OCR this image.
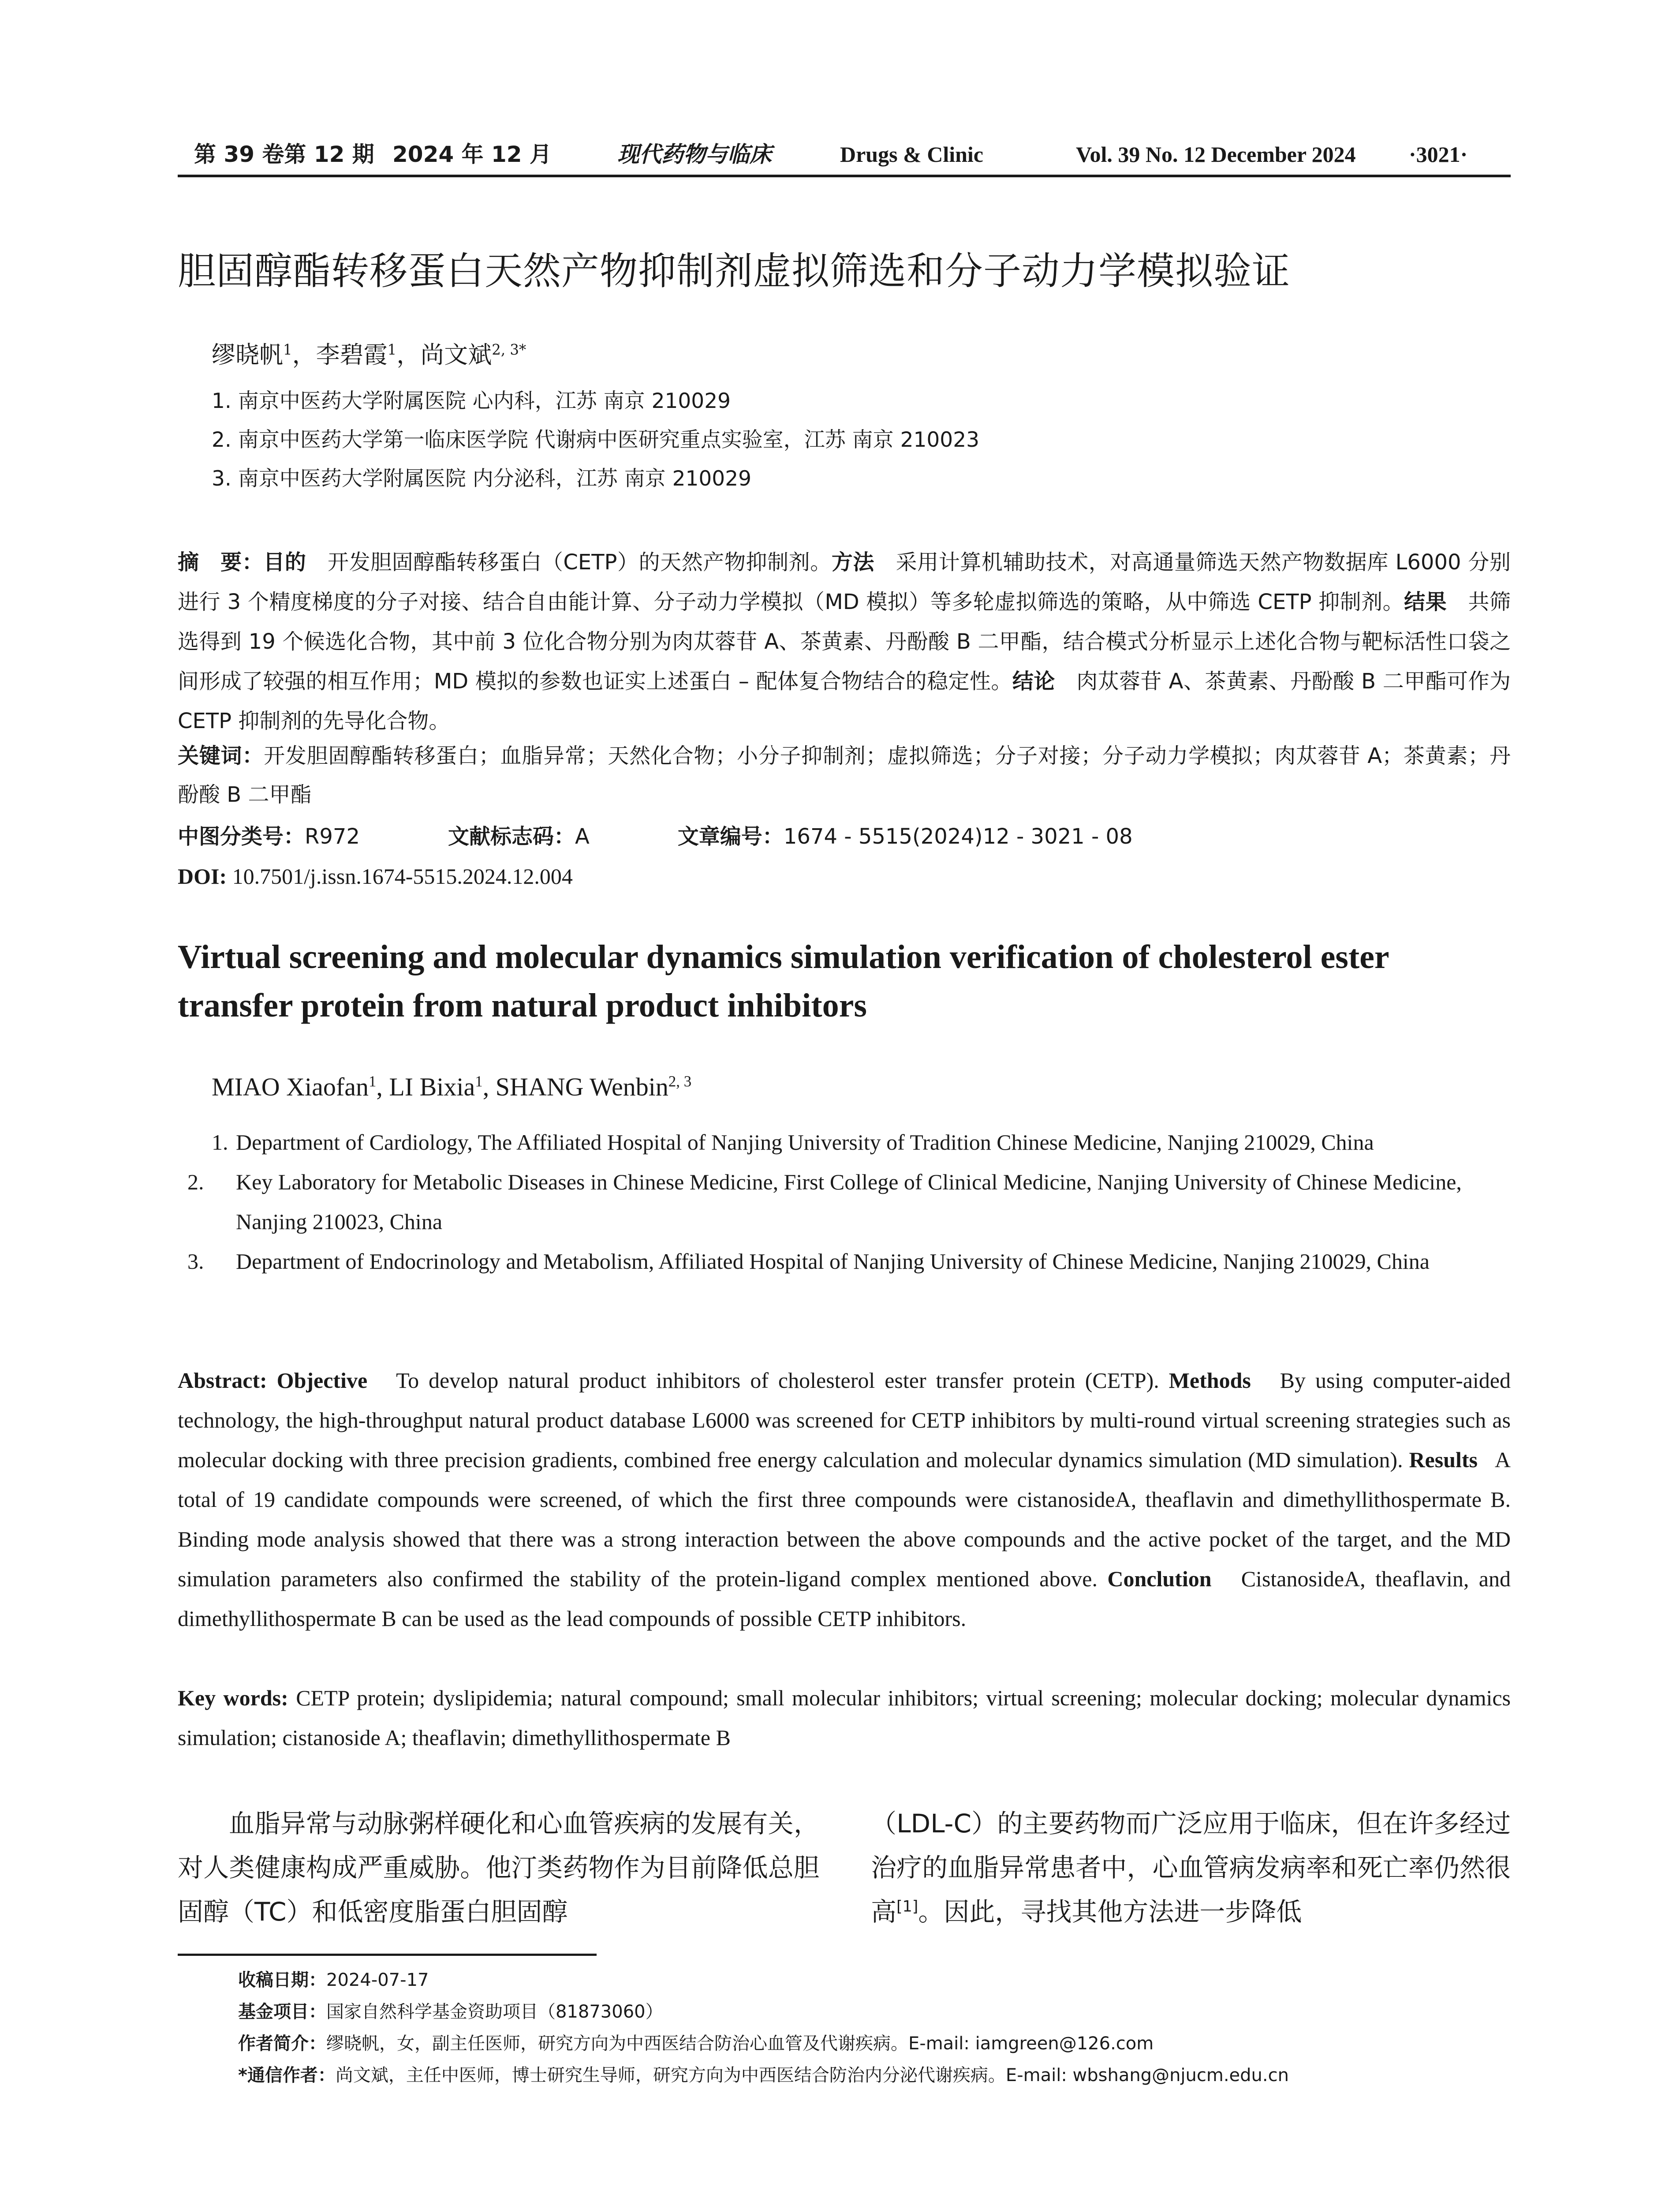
第 39 卷第 12 期 2024 年 12 月	现代药物与临床	Drugs & Clinic	Vol. 39 No. 12 December 2024 ·3021·
胆固醇酯转移蛋白天然产物抑制剂虚拟筛选和分子动力学模拟验证
缪晓帆$^1$，李碧霞$^1$，尚文斌$^{2, 3*}$
1. 南京中医药大学附属医院 心内科，江苏 南京 210029
2. 南京中医药大学第一临床医学院 代谢病中医研究重点实验室，江苏 南京 210023
3. 南京中医药大学附属医院 内分泌科，江苏 南京 210029
摘　要：目的　 开发胆固醇酯转移蛋白（CETP）的天然产物抑制剂。方法　 采用计算机辅助技术，对高通量筛选天然产物数据库 L6000 分别进行 3 个精度梯度的分子对接、结合自由能计算、分子动力学模拟（MD 模拟）等多轮虚拟筛选的策略，从中筛选 CETP 抑制剂。结果　 共筛选得到 19 个候选化合物，其中前 3 位化合物分别为肉苁蓉苷 A、茶黄素、丹酚酸 B 二甲酯，结合模式分析显示上述化合物与靶标活性口袋之间形成了较强的相互作用；MD 模拟的参数也证实上述蛋白 – 配体复合物结合的稳定性。结论　 肉苁蓉苷 A、茶黄素、丹酚酸 B 二甲酯可作为 CETP 抑制剂的先导化合物。
关键词：开发胆固醇酯转移蛋白；血脂异常；天然化合物；小分子抑制剂；虚拟筛选；分子对接；分子动力学模拟；肉苁蓉苷 A；茶黄素；丹酚酸 B 二甲酯
中图分类号：R972	文献标志码：A	文章编号：1674 - 5515(2024)12 - 3021 - 08
DOI: 10.7501/j.issn.1674-5515.2024.12.004
Virtual screening and molecular dynamics simulation verification of cholesterol ester transfer protein from natural product inhibitors
MIAO Xiaofan$^1$, LI Bixia$^1$, SHANG Wenbin$^{2, 3}$
1. Department of Cardiology, The Affiliated Hospital of Nanjing University of Tradition Chinese Medicine, Nanjing 210029, China
2. Key Laboratory for Metabolic Diseases in Chinese Medicine, First College of Clinical Medicine, Nanjing University of Chinese Medicine, Nanjing 210023, China
3. Department of Endocrinology and Metabolism, Affiliated Hospital of Nanjing University of Chinese Medicine, Nanjing 210029, China
Abstract: Objective To develop natural product inhibitors of cholesterol ester transfer protein (CETP). Methods By using computer-aided technology, the high-throughput natural product database L6000 was screened for CETP inhibitors by multi-round virtual screening strategies such as molecular docking with three precision gradients, combined free energy calculation and molecular dynamics simulation (MD simulation). Results A total of 19 candidate compounds were screened, of which the first three compounds were cistanosideA, theaflavin and dimethyllithospermate B. Binding mode analysis showed that there was a strong interaction between the above compounds and the active pocket of the target, and the MD simulation parameters also confirmed the stability of the protein-ligand complex mentioned above. Conclution CistanosideA, theaflavin, and dimethyllithospermate B can be used as the lead compounds of possible CETP inhibitors.
Key words: CETP protein; dyslipidemia; natural compound; small molecular inhibitors; virtual screening; molecular docking; molecular dynamics simulation; cistanoside A; theaflavin; dimethyllithospermate B
血脂异常与动脉粥样硬化和心血管疾病的发展有关，对人类健康构成严重威胁。他汀类药物作为目前降低总胆固醇（TC）和低密度脂蛋白胆固醇
（LDL-C）的主要药物而广泛应用于临床，但在许多经过治疗的血脂异常患者中，心血管病发病率和死亡率仍然很高[1]。因此，寻找其他方法进一步降低
收稿日期：2024-07-17
基金项目：国家自然科学基金资助项目（81873060）
作者简介：缪晓帆，女，副主任医师，研究方向为中西医结合防治心血管及代谢疾病。E-mail: iamgreen@126.com
*通信作者：尚文斌，主任中医师，博士研究生导师，研究方向为中西医结合防治内分泌代谢疾病。E-mail: wbshang@njucm.edu.cn
